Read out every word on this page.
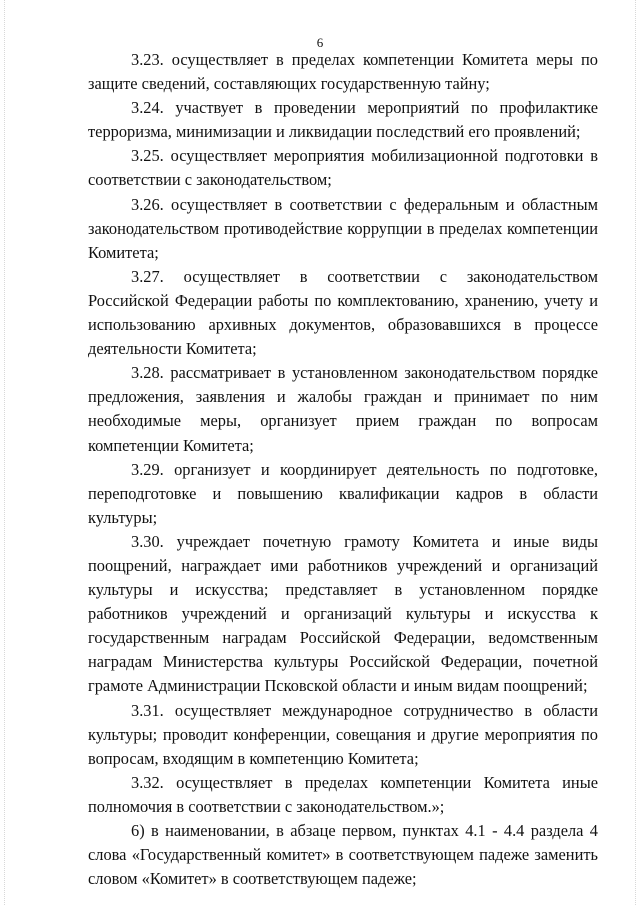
6

3.23. осуществляет в пределах компетенции Комитета меры по защите сведений, составляющих государственную тайну;

3.24. участвует в проведении мероприятий по профилактике терроризма, минимизации и ликвидации последствий его проявлений;

3.25. осуществляет мероприятия мобилизационной подготовки в соответствии с законодательством;

3.26. осуществляет в соответствии с федеральным и областным законодательством противодействие коррупции в пределах компетенции Комитета;

3.27. осуществляет в соответствии с законодательством Российской Федерации работы по комплектованию, хранению, учету и использованию архивных документов, образовавшихся в процессе деятельности Комитета;

3.28. рассматривает в установленном законодательством порядке предложения, заявления и жалобы граждан и принимает по ним необходимые меры, организует прием граждан по вопросам компетенции Комитета;

3.29. организует и координирует деятельность по подготовке, переподготовке и повышению квалификации кадров в области культуры;

3.30. учреждает почетную грамоту Комитета и иные виды поощрений, награждает ими работников учреждений и организаций культуры и искусства; представляет в установленном порядке работников учреждений и организаций культуры и искусства к государственным наградам Российской Федерации, ведомственным наградам Министерства культуры Российской Федерации, почетной грамоте Администрации Псковской области и иным видам поощрений;

3.31. осуществляет международное сотрудничество в области культуры; проводит конференции, совещания и другие мероприятия по вопросам, входящим в компетенцию Комитета;

3.32. осуществляет в пределах компетенции Комитета иные полномочия в соответствии с законодательством.»;

6) в наименовании, в абзаце первом, пунктах 4.1 - 4.4 раздела 4 слова «Государственный комитет» в соответствующем падеже заменить словом «Комитет» в соответствующем падеже;
